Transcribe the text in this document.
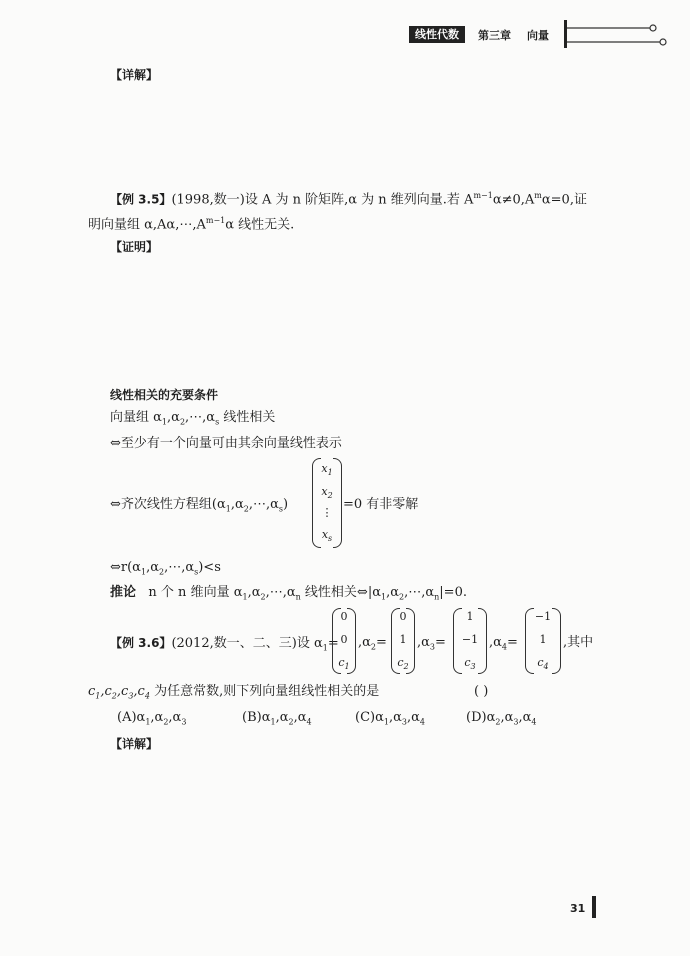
线性代数	第三章 向量
【详解】
【例 3.5】(1998,数一)设 A 为 n 阶矩阵,α 为 n 维列向量.若 $A^{m-1}\alpha\ne 0,A^m\alpha=0$,证
明向量组 $\alpha,A\alpha,\cdots,A^{m-1}\alpha$ 线性无关.
【证明】
线性相关的充要条件
向量组 $\alpha_1,\alpha_2,\cdots,\alpha_s$ 线性相关
⇔至少有一个向量可由其余向量线性表示
⇔齐次线性方程组$(\alpha_1,\alpha_2,\cdots,\alpha_s)$
$x_1$
$x_2$
⋮
$x_s$
=0 有非零解
$\Leftrightarrow r(\alpha_1,\alpha_2,\cdots,\alpha_s)<s$
推论 n 个 n 维向量 $\alpha_1,\alpha_2,\cdots,\alpha_n$ 线性相关$\Leftrightarrow|\alpha_1,\alpha_2,\cdots,\alpha_n|=0$.
【例 3.6】(2012,数一、二、三)设 $\alpha_1=$
0
0
$c_1$
$,\alpha_2=$
0
1
$c_2$
$,\alpha_3=$
1
−1
$c_3$
$,\alpha_4=$
−1
1
$c_4$
,其中
$c_1,c_2,c_3,c_4$ 为任意常数,则下列向量组线性相关的是	( )
$(A)\alpha_1,\alpha_2,\alpha_3$	$(B)\alpha_1,\alpha_2,\alpha_4$	$(C)\alpha_1,\alpha_3,\alpha_4$	$(D)\alpha_2,\alpha_3,\alpha_4$
【详解】
31
